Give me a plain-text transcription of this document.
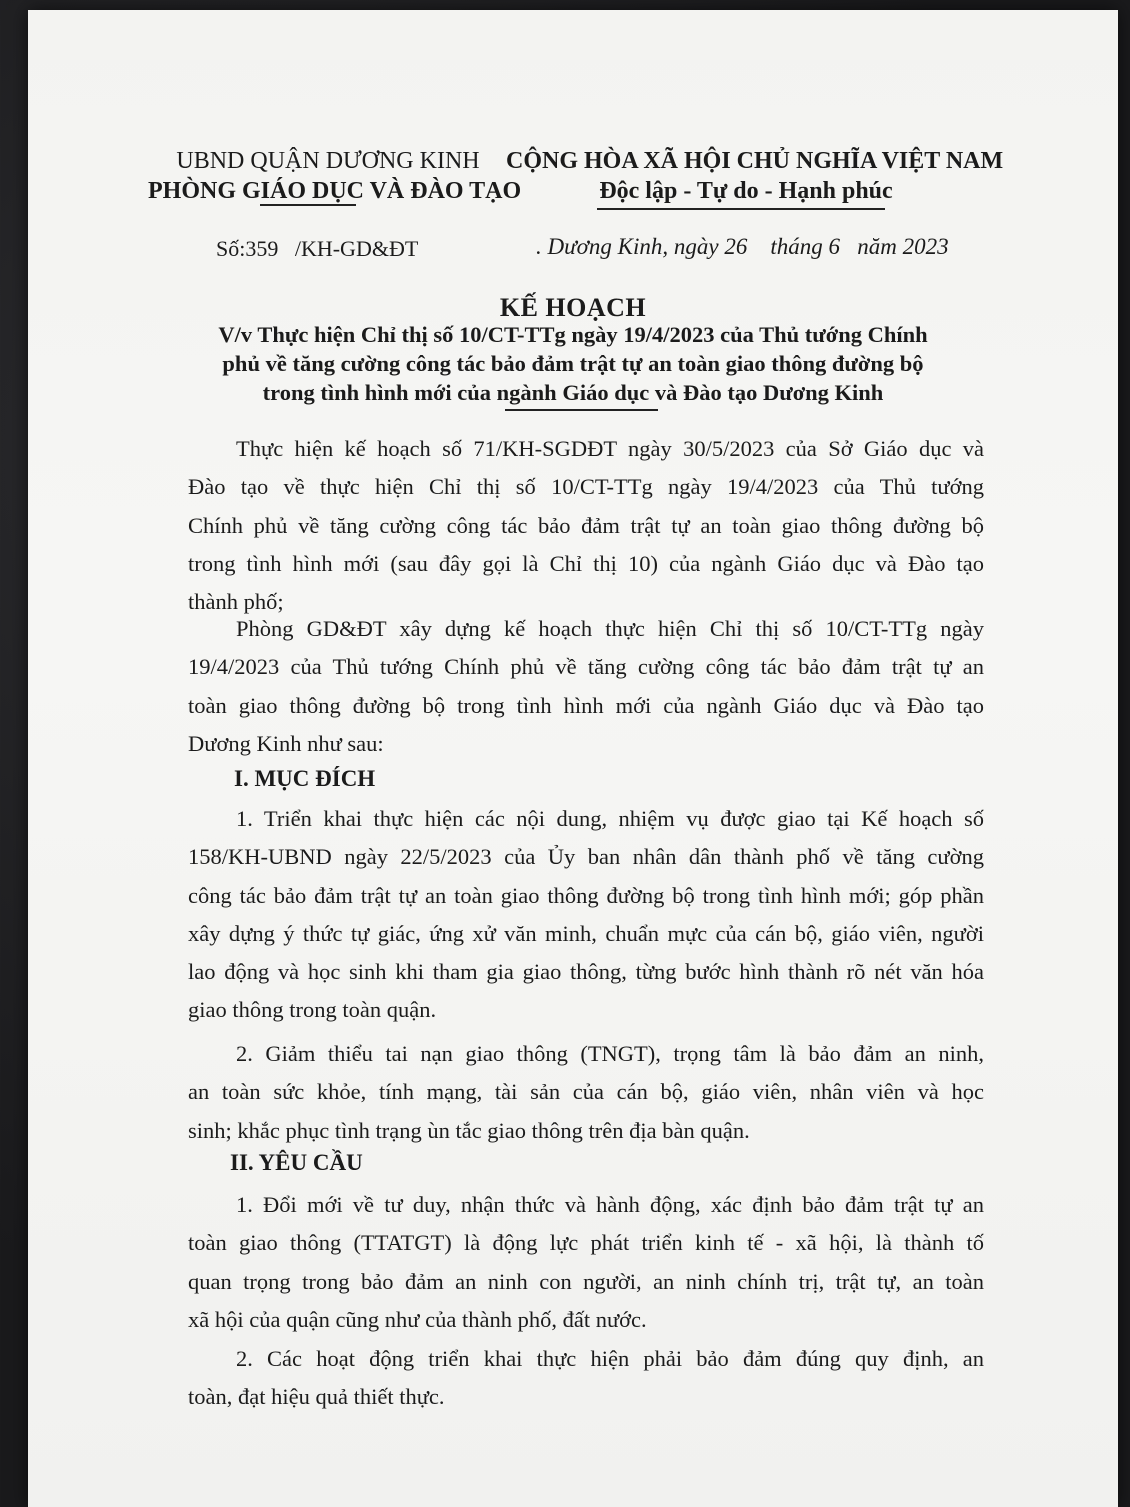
UBND QUẬN DƯƠNG KINH
PHÒNG GIÁO DỤC VÀ ĐÀO TẠO
CỘNG HÒA XÃ HỘI CHỦ NGHĨA VIỆT NAM
Độc lập - Tự do - Hạnh phúc
Số:359   /KH-GD&ĐT	. Dương Kinh, ngày 26    tháng 6   năm 2023
KẾ HOẠCH
V/v Thực hiện Chỉ thị số 10/CT-TTg ngày 19/4/2023 của Thủ tướng Chính
phủ về tăng cường công tác bảo đảm trật tự an toàn giao thông đường bộ
trong tình hình mới của ngành Giáo dục và Đào tạo Dương Kinh
Thực hiện kế hoạch số 71/KH-SGDĐT ngày 30/5/2023 của Sở Giáo dục và
Đào tạo về thực hiện Chỉ thị số 10/CT-TTg ngày 19/4/2023 của Thủ tướng
Chính phủ về tăng cường công tác bảo đảm trật tự an toàn giao thông đường bộ
trong tình hình mới (sau đây gọi là Chỉ thị 10) của ngành Giáo dục và Đào tạo
thành phố;
Phòng GD&ĐT xây dựng kế hoạch thực hiện Chỉ thị số 10/CT-TTg ngày
19/4/2023 của Thủ tướng Chính phủ về tăng cường công tác bảo đảm trật tự an
toàn giao thông đường bộ trong tình hình mới của ngành Giáo dục và Đào tạo
Dương Kinh như sau:
I. MỤC ĐÍCH
1. Triển khai thực hiện các nội dung, nhiệm vụ được giao tại Kế hoạch số
158/KH-UBND ngày 22/5/2023 của Ủy ban nhân dân thành phố về tăng cường
công tác bảo đảm trật tự an toàn giao thông đường bộ trong tình hình mới; góp phần
xây dựng ý thức tự giác, ứng xử văn minh, chuẩn mực của cán bộ, giáo viên, người
lao động và học sinh khi tham gia giao thông, từng bước hình thành rõ nét văn hóa
giao thông trong toàn quận.
2. Giảm thiểu tai nạn giao thông (TNGT), trọng tâm là bảo đảm an ninh,
an toàn sức khỏe, tính mạng, tài sản của cán bộ, giáo viên, nhân viên và học
sinh; khắc phục tình trạng ùn tắc giao thông trên địa bàn quận.
II. YÊU CẦU
1. Đổi mới về tư duy, nhận thức và hành động, xác định bảo đảm trật tự an
toàn giao thông (TTATGT) là động lực phát triển kinh tế - xã hội, là thành tố
quan trọng trong bảo đảm an ninh con người, an ninh chính trị, trật tự, an toàn
xã hội của quận cũng như của thành phố, đất nước.
2. Các hoạt động triển khai thực hiện phải bảo đảm đúng quy định, an
toàn, đạt hiệu quả thiết thực.
